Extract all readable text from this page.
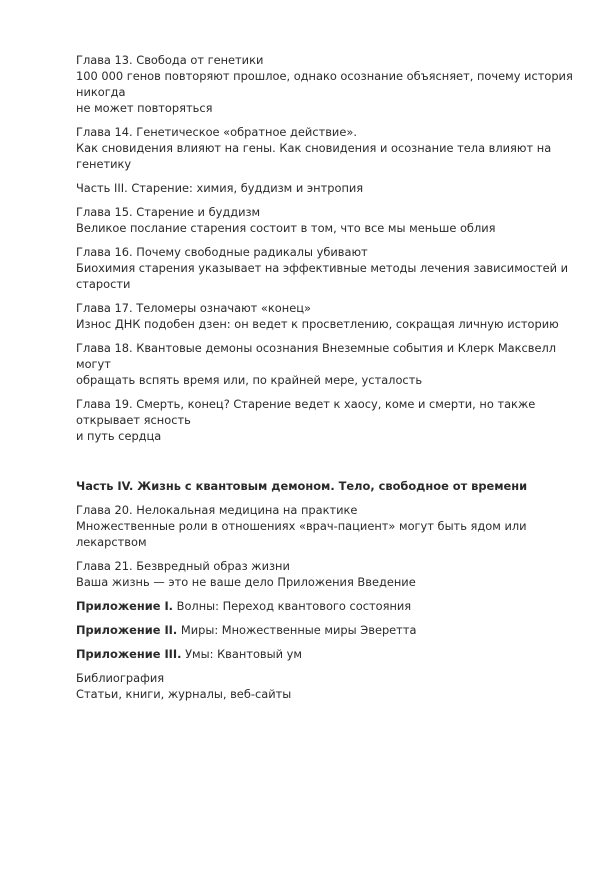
Глава 13. Свобода от генетики
100 000 генов повторяют прошлое, однако осознание объясняет, почему история никогда
не может повторяться
Глава 14. Генетическое «обратное действие».
Как сновидения влияют на гены. Как сновидения и осознание тела влияют на генетику
Часть III. Старение: химия, буддизм и энтропия
Глава 15. Старение и буддизм
Великое послание старения состоит в том, что все мы меньше облия
Глава 16. Почему свободные радикалы убивают
Биохимия старения указывает на эффективные методы лечения зависимостей и старости
Глава 17. Теломеры означают «конец»
Износ ДНК подобен дзен: он ведет к просветлению, сокращая личную историю
Глава 18. Квантовые демоны осознания Внеземные события и Клерк Максвелл могут
обращать вспять время или, по крайней мере, усталость
Глава 19. Смерть, конец? Старение ведет к хаосу, коме и смерти, но также открывает ясность
и путь сердца
Часть IV. Жизнь с квантовым демоном. Тело, свободное от времени
Глава 20. Нелокальная медицина на практике
Множественные роли в отношениях «врач-пациент» могут быть ядом или лекарством
Глава 21. Безвредный образ жизни
Ваша жизнь — это не ваше дело Приложения Введение
Приложение I. Волны: Переход квантового состояния
Приложение II. Миры: Множественные миры Эверетта
Приложение III. Умы: Квантовый ум
Библиография
Статьи, книги, журналы, веб-сайты
